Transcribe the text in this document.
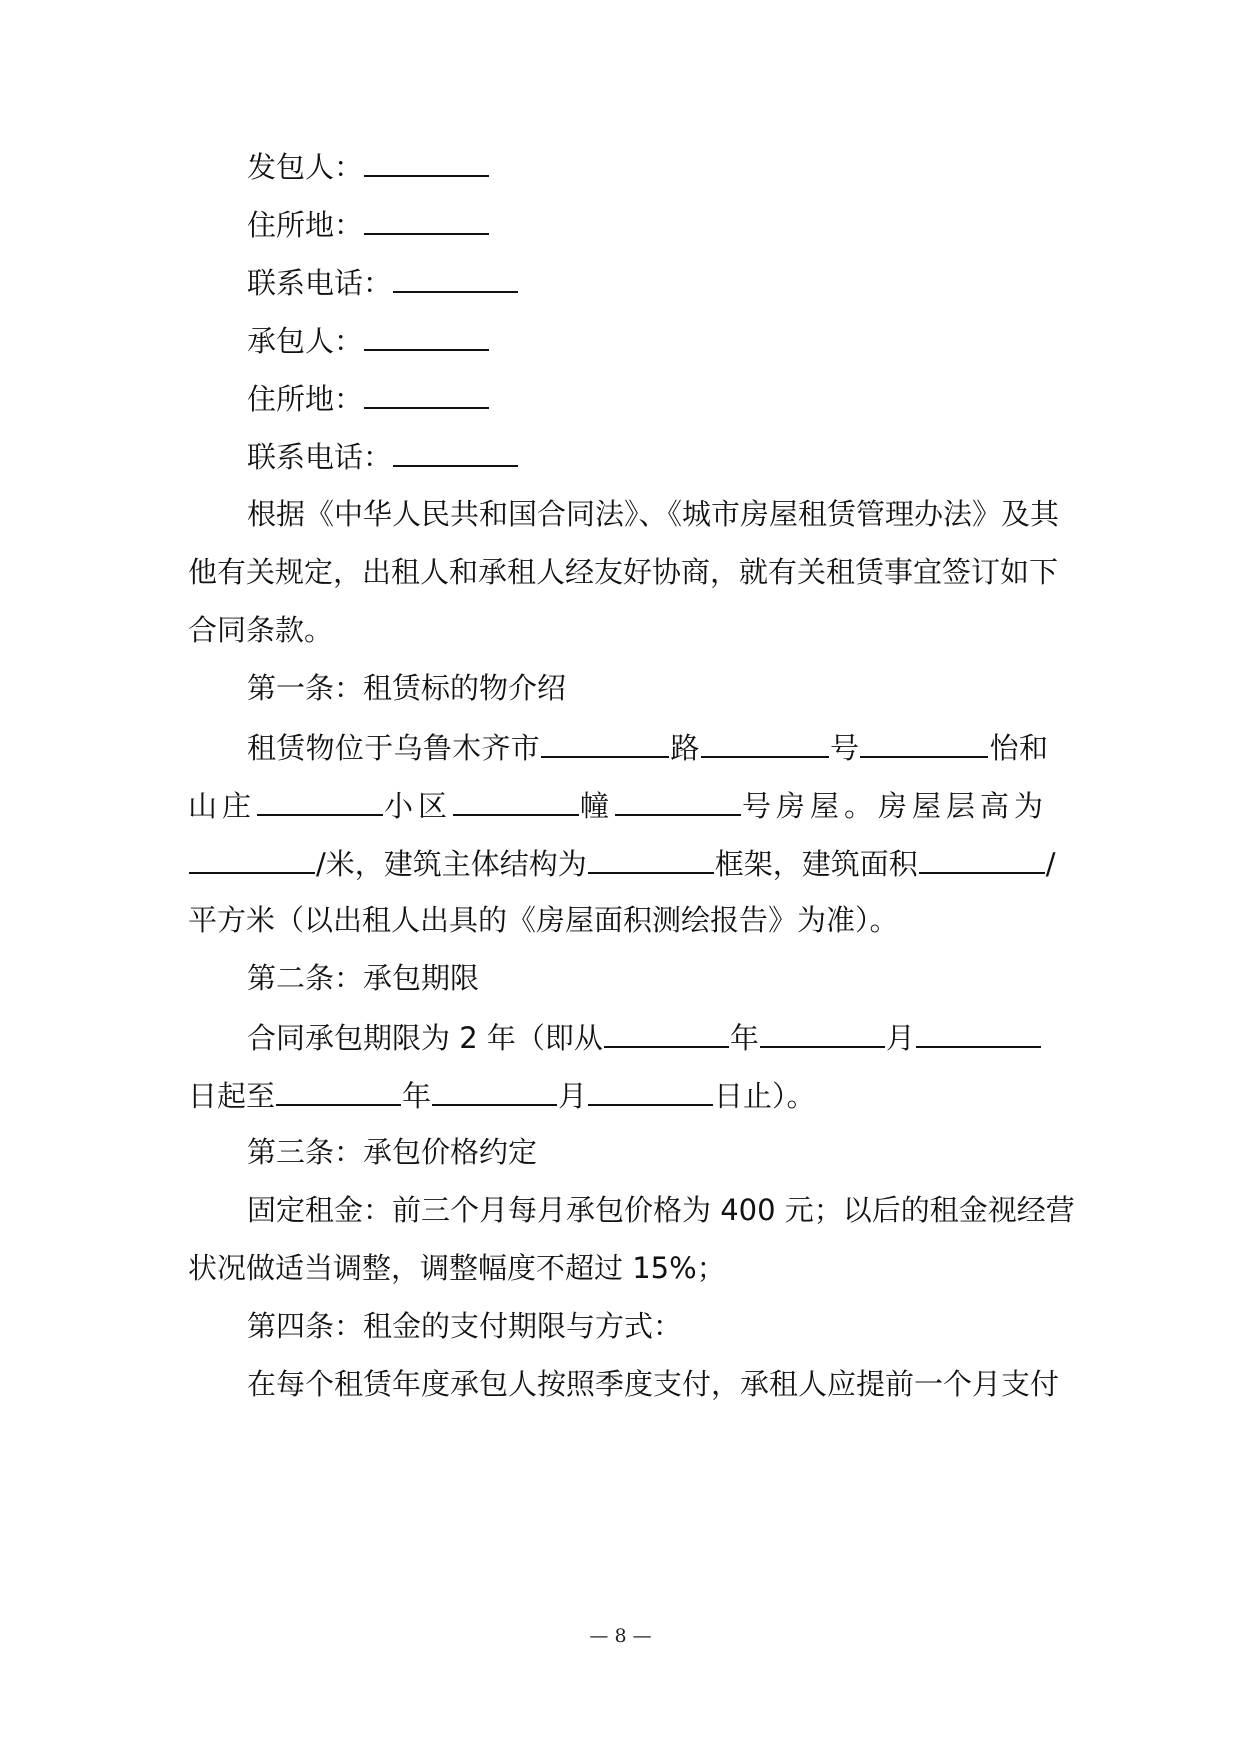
发包人：
住所地：
联系电话：
承包人：
住所地：
联系电话：
根据《中华人民共和国合同法》、《城市房屋租赁管理办法》及其
他有关规定，出租人和承租人经友好协商，就有关租赁事宜签订如下
合同条款。
第一条：租赁标的物介绍
租赁物位于乌鲁木齐市	路	号	怡和
山庄	小区	幢	号房屋。房屋层高为
/米，建筑主体结构为	框架，建筑面积	/
平方米（以出租人出具的《房屋面积测绘报告》为准）。
第二条：承包期限
合同承包期限为 2 年（即从	年	月
日起至	年	月	日止）。
第三条：承包价格约定
固定租金：前三个月每月承包价格为 400 元；以后的租金视经营
状况做适当调整，调整幅度不超过 15%；
第四条：租金的支付期限与方式：
在每个租赁年度承包人按照季度支付，承租人应提前一个月支付
— 8 —
